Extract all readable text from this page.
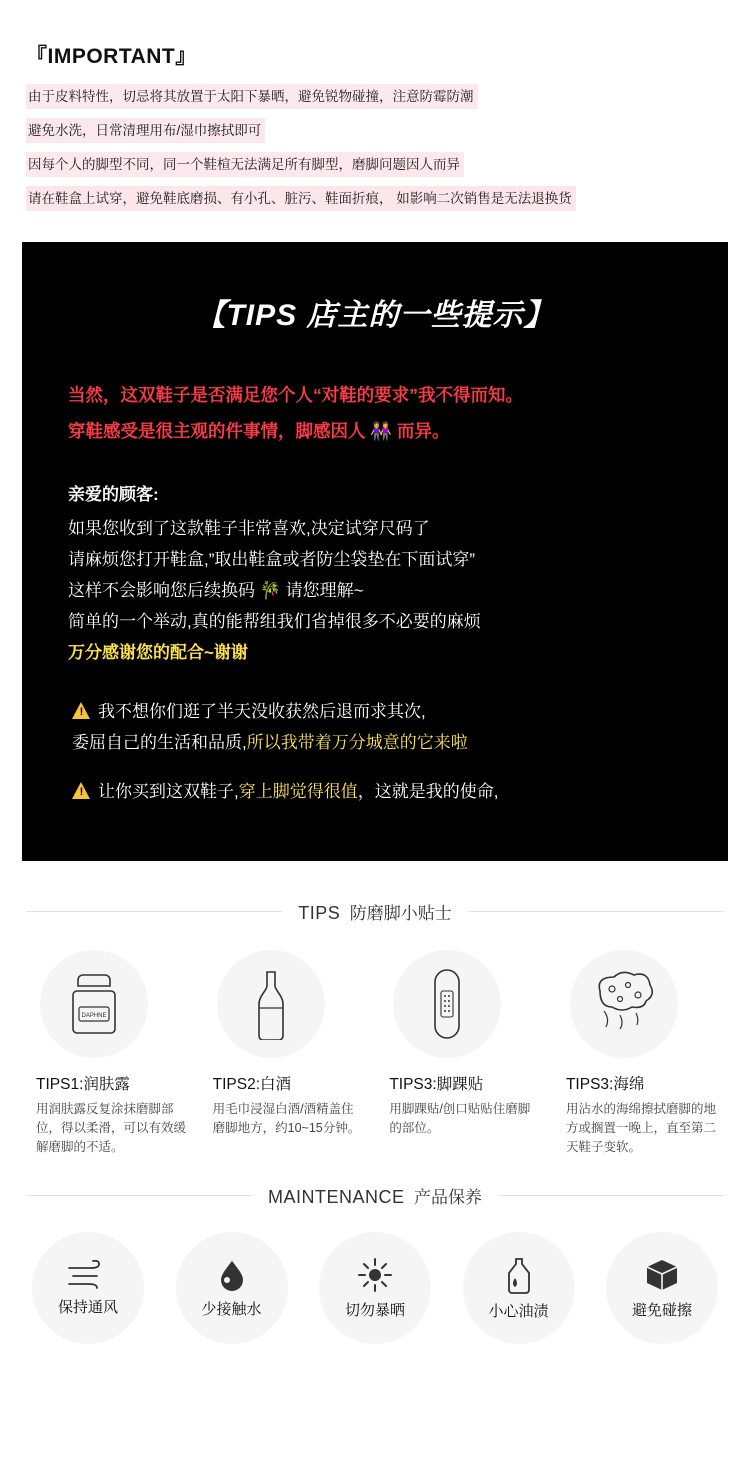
『IMPORTANT』
由于皮料特性，切忌将其放置于太阳下暴晒，避免锐物碰撞，注意防霉防潮
避免水洗，日常清理用布/湿巾擦拭即可
因每个人的脚型不同，同一个鞋楦无法满足所有脚型，磨脚问题因人而异
请在鞋盒上试穿，避免鞋底磨损、有小孔、脏污、鞋面折痕， 如影响二次销售是无法退换货
【TIPS 店主的一些提示】
当然，这双鞋子是否满足您个人“对鞋的要求”我不得而知。
穿鞋感受是很主观的件事情，脚感因人 👭 而异。
亲爱的顾客:
如果您收到了这款鞋子非常喜欢,决定试穿尺码了
请麻烦您打开鞋盒,”取出鞋盒或者防尘袋垫在下面试穿”
这样不会影响您后续换码 🎋 请您理解~
简单的一个举动,真的能帮组我们省掉很多不必要的麻烦
万分感谢您的配合~谢谢
!我不想你们逛了半天没收获然后退而求其次,
委屈自己的生活和品质,所以我带着万分城意的它来啦
!让你买到这双鞋子,穿上脚觉得很值，这就是我的使命,
TIPS 防磨脚小贴士
DAPHNE
TIPS1:润肤露
用润肤露反复涂抹磨脚部位，得以柔滑，可以有效缓解磨脚的不适。
TIPS2:白酒
用毛巾浸湿白酒/酒精盖住磨脚地方，约10~15分钟。
TIPS3:脚踝贴
用脚踝贴/创口贴贴住磨脚的部位。
TIPS3:海绵
用沾水的海绵擦拭磨脚的地方或搁置一晚上，直至第二天鞋子变软。
MAINTENANCE 产品保养
保持通风	少接触水	切勿暴晒	小心油渍	避免碰擦
